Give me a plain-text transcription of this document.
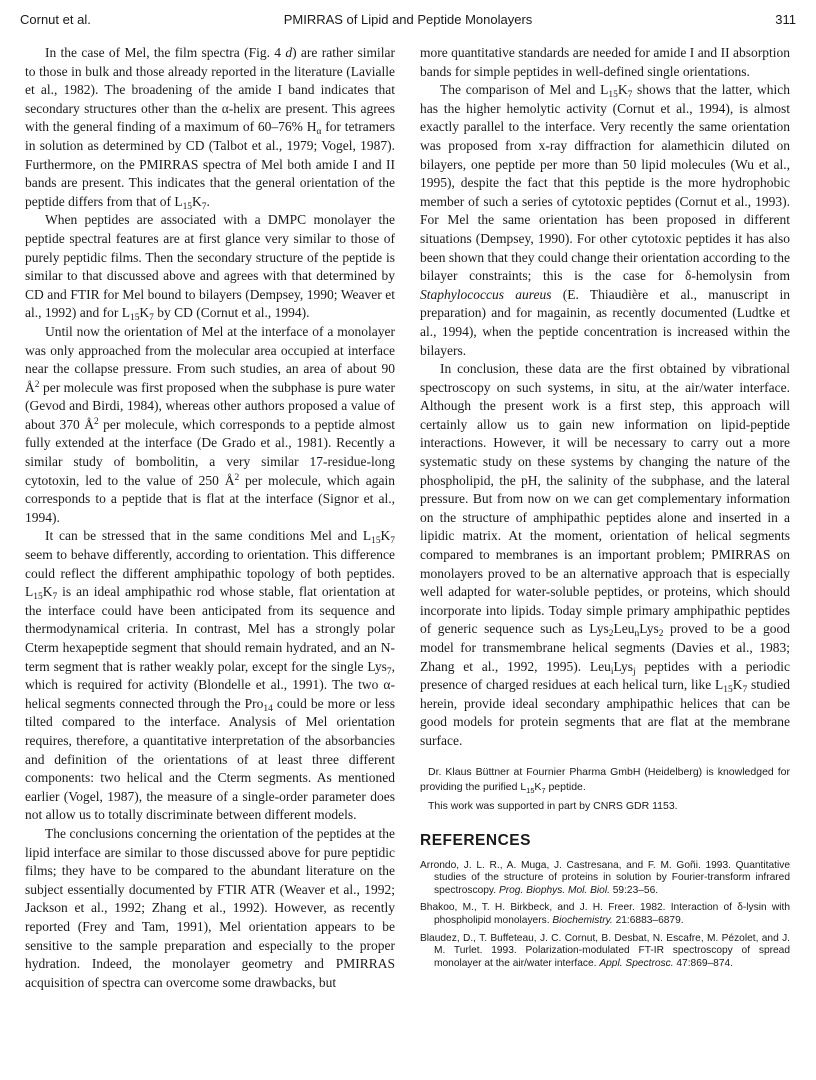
Cornut et al.	PMIRRAS of Lipid and Peptide Monolayers	311

In the case of Mel, the film spectra (Fig. 4 d) are rather similar to those in bulk and those already reported in the literature (Lavialle et al., 1982). The broadening of the amide I band indicates that secondary structures other than the α-helix are present. This agrees with the general finding of a maximum of 60–76% $H_\alpha$ for tetramers in solution as determined by CD (Talbot et al., 1979; Vogel, 1987). Furthermore, on the PMIRRAS spectra of Mel both amide I and II bands are present. This indicates that the general orientation of the peptide differs from that of $L_{15}K_7$.

When peptides are associated with a DMPC monolayer the peptide spectral features are at first glance very similar to those of purely peptidic films. Then the secondary structure of the peptide is similar to that discussed above and agrees with that determined by CD and FTIR for Mel bound to bilayers (Dempsey, 1990; Weaver et al., 1992) and for $L_{15}K_7$ by CD (Cornut et al., 1994).

Until now the orientation of Mel at the interface of a monolayer was only approached from the molecular area occupied at interface near the collapse pressure. From such studies, an area of about 90 $Å^2$ per molecule was first proposed when the subphase is pure water (Gevod and Birdi, 1984), whereas other authors proposed a value of about 370 $Å^2$ per molecule, which corresponds to a peptide almost fully extended at the interface (De Grado et al., 1981). Recently a similar study of bombolitin, a very similar 17-residue-long cytotoxin, led to the value of 250 $Å^2$ per molecule, which again corresponds to a peptide that is flat at the interface (Signor et al., 1994).

It can be stressed that in the same conditions Mel and $L_{15}K_7$ seem to behave differently, according to orientation. This difference could reflect the different amphipathic topology of both peptides. $L_{15}K_7$ is an ideal amphipathic rod whose stable, flat orientation at the interface could have been anticipated from its sequence and thermodynamical criteria. In contrast, Mel has a strongly polar Cterm hexapeptide segment that should remain hydrated, and an N-term segment that is rather weakly polar, except for the single Lys$_7$, which is required for activity (Blondelle et al., 1991). The two α-helical segments connected through the Pro$_{14}$ could be more or less tilted compared to the interface. Analysis of Mel orientation requires, therefore, a quantitative interpretation of the absorbancies and definition of the orientations of at least three different components: two helical and the Cterm segments. As mentioned earlier (Vogel, 1987), the measure of a single-order parameter does not allow us to totally discriminate between different models.

The conclusions concerning the orientation of the peptides at the lipid interface are similar to those discussed above for pure peptidic films; they have to be compared to the abundant literature on the subject essentially documented by FTIR ATR (Weaver et al., 1992; Jackson et al., 1992; Zhang et al., 1992). However, as recently reported (Frey and Tam, 1991), Mel orientation appears to be sensitive to the sample preparation and especially to the proper hydration. Indeed, the monolayer geometry and PMIRRAS acquisition of spectra can overcome some drawbacks, but

more quantitative standards are needed for amide I and II absorption bands for simple peptides in well-defined single orientations.

The comparison of Mel and $L_{15}K_7$ shows that the latter, which has the higher hemolytic activity (Cornut et al., 1994), is almost exactly parallel to the interface. Very recently the same orientation was proposed from x-ray diffraction for alamethicin diluted on bilayers, one peptide per more than 50 lipid molecules (Wu et al., 1995), despite the fact that this peptide is the more hydrophobic member of such a series of cytotoxic peptides (Cornut et al., 1993). For Mel the same orientation has been proposed in different situations (Dempsey, 1990). For other cytotoxic peptides it has also been shown that they could change their orientation according to the bilayer constraints; this is the case for δ-hemolysin from Staphylococcus aureus (E. Thiaudière et al., manuscript in preparation) and for magainin, as recently documented (Ludtke et al., 1994), when the peptide concentration is increased within the bilayers.

In conclusion, these data are the first obtained by vibrational spectroscopy on such systems, in situ, at the air/water interface. Although the present work is a first step, this approach will certainly allow us to gain new information on lipid-peptide interactions. However, it will be necessary to carry out a more systematic study on these systems by changing the nature of the phospholipid, the pH, the salinity of the subphase, and the lateral pressure. But from now on we can get complementary information on the structure of amphipathic peptides alone and inserted in a lipidic matrix. At the moment, orientation of helical segments compared to membranes is an important problem; PMIRRAS on monolayers proved to be an alternative approach that is especially well adapted for water-soluble peptides, or proteins, which should incorporate into lipids. Today simple primary amphipathic peptides of generic sequence such as Lys$_2$Leu$_n$Lys$_2$ proved to be a good model for transmembrane helical segments (Davies et al., 1983; Zhang et al., 1992, 1995). Leu$_i$Lys$_j$ peptides with a periodic presence of charged residues at each helical turn, like $L_{15}K_7$ studied herein, provide ideal secondary amphipathic helices that can be good models for protein segments that are flat at the membrane surface.

Dr. Klaus Büttner at Fournier Pharma GmbH (Heidelberg) is knowledged for providing the purified $L_{15}K_7$ peptide.

This work was supported in part by CNRS GDR 1153.

REFERENCES

Arrondo, J. L. R., A. Muga, J. Castresana, and F. M. Goñi. 1993. Quantitative studies of the structure of proteins in solution by Fourier-transform infrared spectroscopy. Prog. Biophys. Mol. Biol. 59:23–56.

Bhakoo, M., T. H. Birkbeck, and J. H. Freer. 1982. Interaction of δ-lysin with phospholipid monolayers. Biochemistry. 21:6883–6879.

Blaudez, D., T. Buffeteau, J. C. Cornut, B. Desbat, N. Escafre, M. Pézolet, and J. M. Turlet. 1993. Polarization-modulated FT-IR spectroscopy of spread monolayer at the air/water interface. Appl. Spectrosc. 47:869–874.
